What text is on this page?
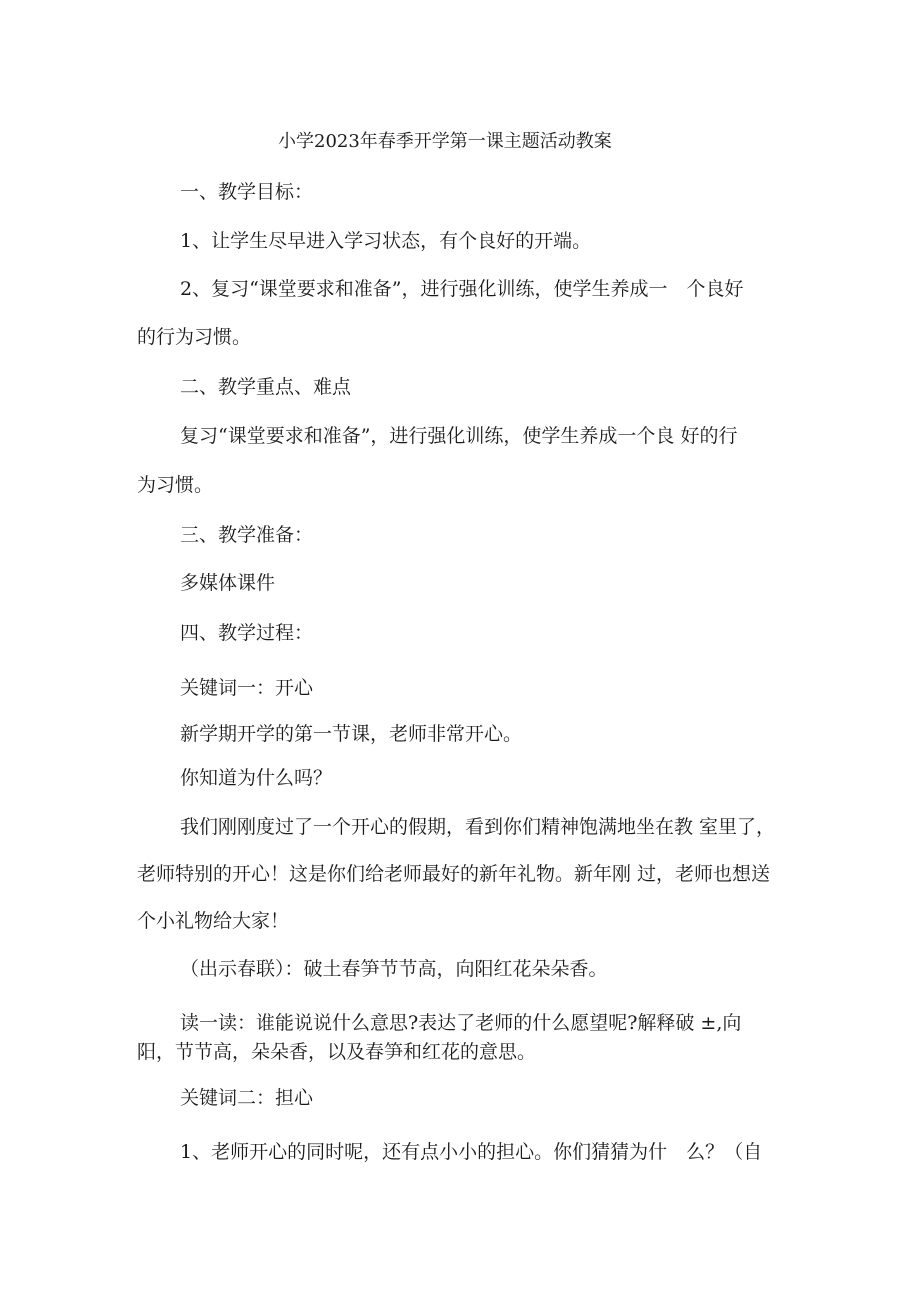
小学2023年春季开学第一课主题活动教案
一、教学目标：
1、让学生尽早进入学习状态，有个良好的开端。
2、复习“课堂要求和准备”，进行强化训练，使学生养成一　个良好
的行为习惯。
二、教学重点、难点
复习“课堂要求和准备”，进行强化训练，使学生养成一个良 好的行
为习惯。
三、教学准备：
多媒体课件
四、教学过程：
关键词一：开心
新学期开学的第一节课，老师非常开心。
你知道为什么吗？
我们刚刚度过了一个开心的假期，看到你们精神饱满地坐在教 室里了，
老师特别的开心！这是你们给老师最好的新年礼物。新年刚 过，老师也想送
个小礼物给大家！
（出示春联）：破土春笋节节高，向阳红花朵朵香。
读一读：谁能说说什么意思?表达了老师的什么愿望呢?解释破 ±,向
阳，节节高，朵朵香，以及春笋和红花的意思。
关键词二：担心
1、老师开心的同时呢，还有点小小的担心。你们猜猜为什　么？（自
